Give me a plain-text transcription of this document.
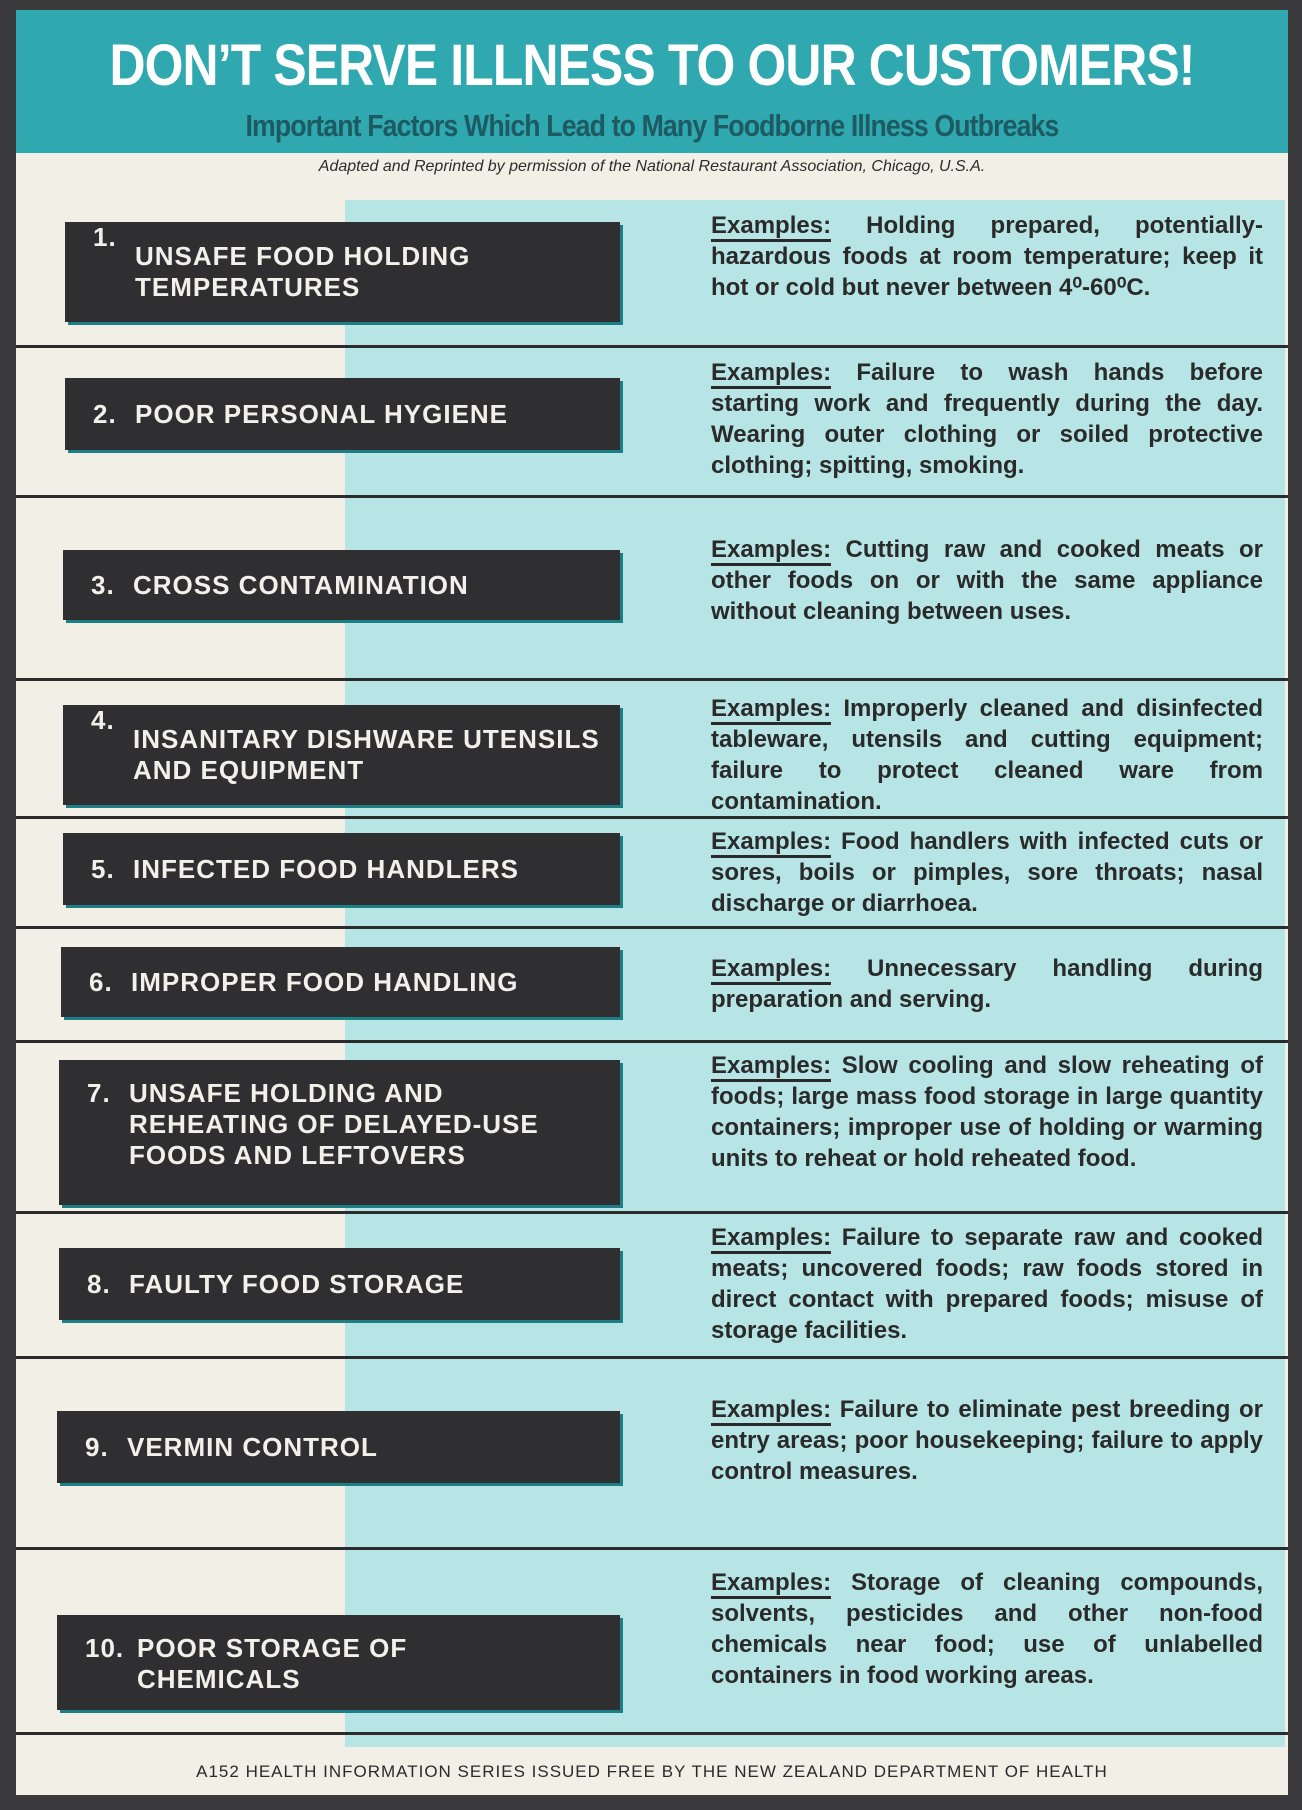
DON’T SERVE ILLNESS TO OUR CUSTOMERS!
Important Factors Which Lead to Many Foodborne Illness Outbreaks
Adapted and Reprinted by permission of the National Restaurant Association, Chicago, U.S.A.
1.
UNSAFE FOOD HOLDING TEMPERATURES
Examples: Holding prepared, potentially-hazardous foods at room temperature; keep it hot or cold but never between 4⁰-60⁰C.
2. POOR PERSONAL HYGIENE
Examples: Failure to wash hands before starting work and frequently during the day. Wearing outer clothing or soiled protective clothing; spitting, smoking.
3. CROSS CONTAMINATION
Examples: Cutting raw and cooked meats or other foods on or with the same appliance without cleaning between uses.
4.
INSANITARY DISHWARE UTENSILS AND EQUIPMENT
Examples: Improperly cleaned and disinfected tableware, utensils and cutting equipment; failure to protect cleaned ware from contamination.
5. INFECTED FOOD HANDLERS
Examples: Food handlers with infected cuts or sores, boils or pimples, sore throats; nasal discharge or diarrhoea.
6. IMPROPER FOOD HANDLING	Examples: Unnecessary handling during preparation and serving.
7. UNSAFE HOLDING AND REHEATING OF DELAYED-USE FOODS AND LEFTOVERS
Examples: Slow cooling and slow reheating of foods; large mass food storage in large quantity containers; improper use of holding or warming units to reheat or hold reheated food.
8. FAULTY FOOD STORAGE
Examples: Failure to separate raw and cooked meats; uncovered foods; raw foods stored in direct contact with prepared foods; misuse of storage facilities.
9. VERMIN CONTROL
Examples: Failure to eliminate pest breeding or entry areas; poor housekeeping; failure to apply control measures.
10. POOR STORAGE OF CHEMICALS
Examples: Storage of cleaning compounds, solvents, pesticides and other non-food chemicals near food; use of unlabelled containers in food working areas.
A152 HEALTH INFORMATION SERIES ISSUED FREE BY THE NEW ZEALAND DEPARTMENT OF HEALTH
